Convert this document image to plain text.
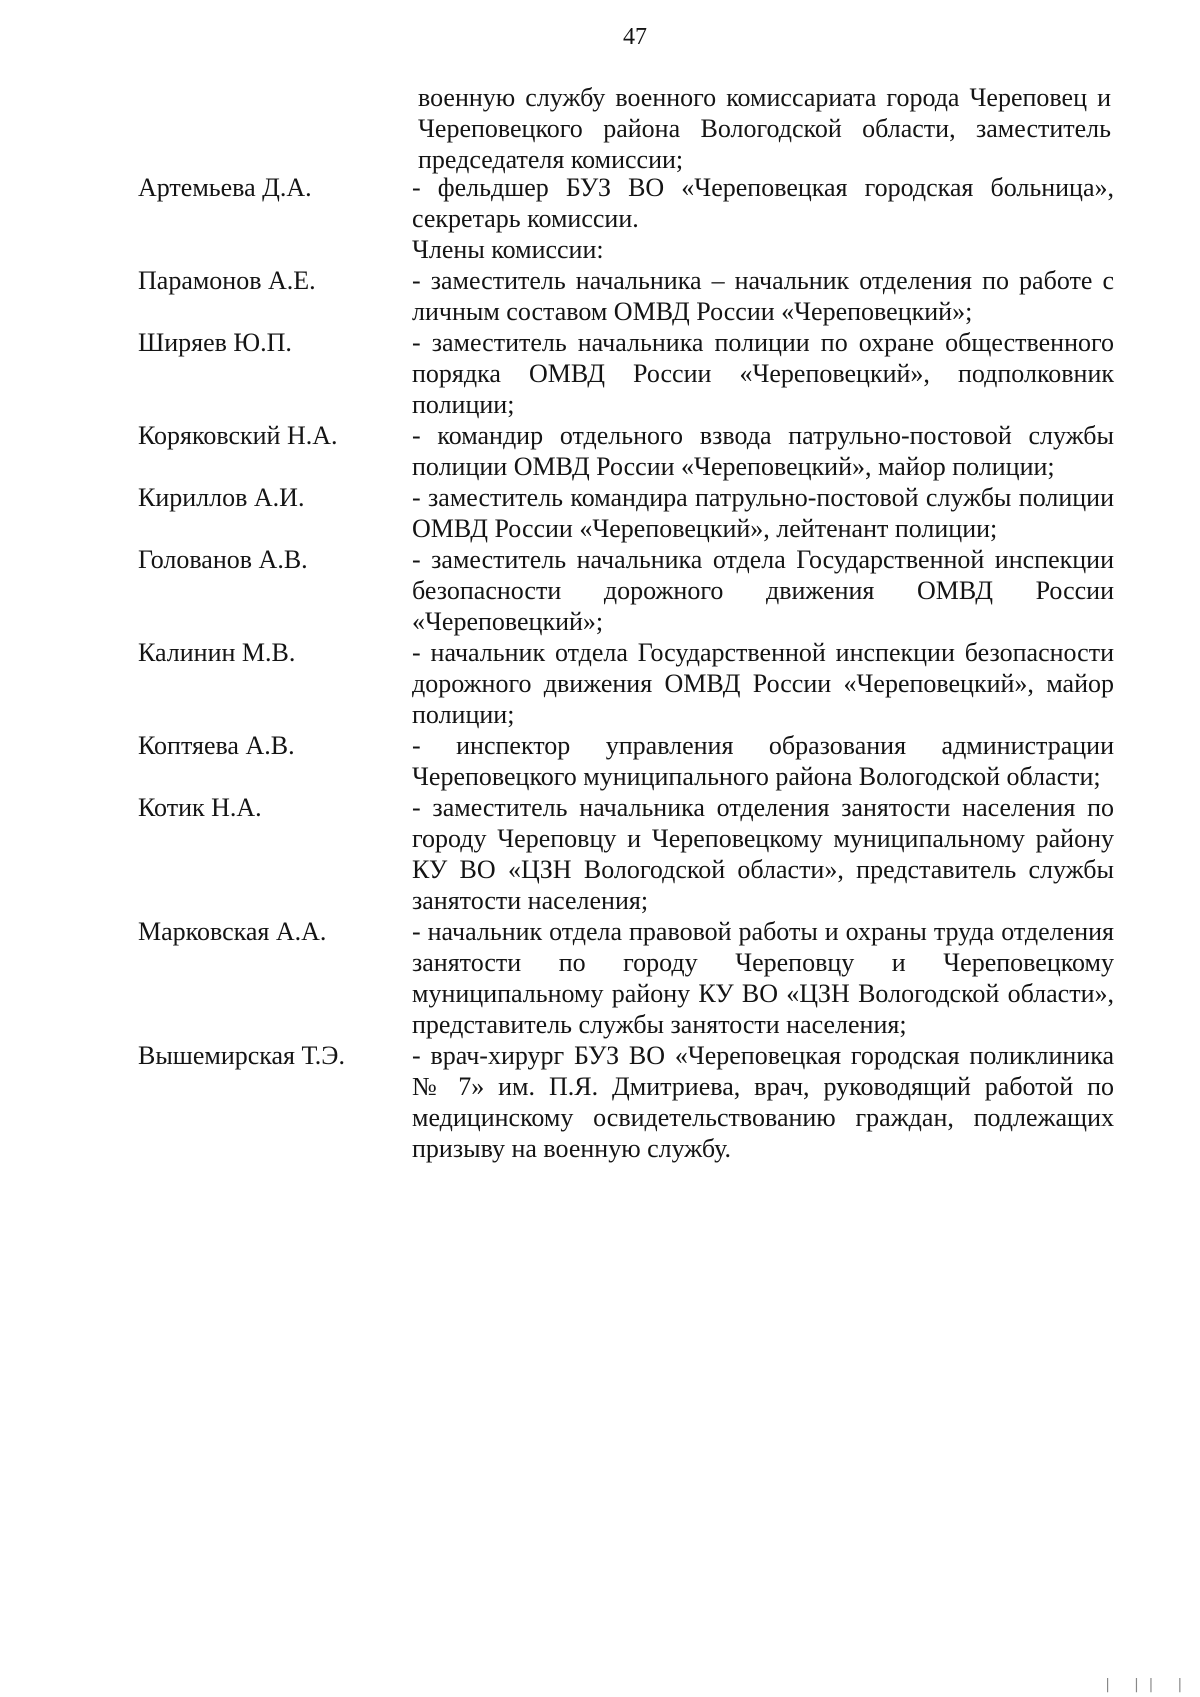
47

военную службу военного комиссариата города Череповец и Череповецкого района Вологодской области, заместитель председателя комиссии;

Артемьева Д.А.	- фельдшер БУЗ ВО «Череповецкая городская больница», секретарь комиссии.

Члены комиссии:
Парамонов А.Е.	- заместитель начальника – начальник отделения по работе с личным составом ОМВД России «Череповецкий»;

Ширяев Ю.П.	- заместитель начальника полиции по охране общественного порядка ОМВД России «Череповецкий», подполковник полиции;

Коряковский Н.А.	- командир отдельного взвода патрульно-постовой службы полиции ОМВД России «Череповецкий», майор полиции;

Кириллов А.И.	- заместитель командира патрульно-постовой службы полиции ОМВД России «Череповецкий», лейтенант полиции;

Голованов А.В.	- заместитель начальника отдела Государственной инспекции безопасности дорожного движения ОМВД России «Череповецкий»;

Калинин М.В.	- начальник отдела Государственной инспекции безопасности дорожного движения ОМВД России «Череповецкий», майор полиции;

Коптяева А.В.	- инспектор управления образования администрации Череповецкого муниципального района Вологодской области;

Котик Н.А.	- заместитель начальника отделения занятости населения по городу Череповцу и Череповецкому муниципальному району КУ ВО «ЦЗН Вологодской области», представитель службы занятости населения;

Марковская А.А.	- начальник отдела правовой работы и охраны труда отделения занятости по городу Череповцу и Череповецкому муниципальному району КУ ВО «ЦЗН Вологодской области», представитель службы занятости населения;

Вышемирская Т.Э.	- врач-хирург БУЗ ВО «Череповецкая городская поликлиника № 7» им. П.Я. Дмитриева, врач, руководящий работой по медицинскому освидетельствованию граждан, подлежащих призыву на военную службу.

| || |
